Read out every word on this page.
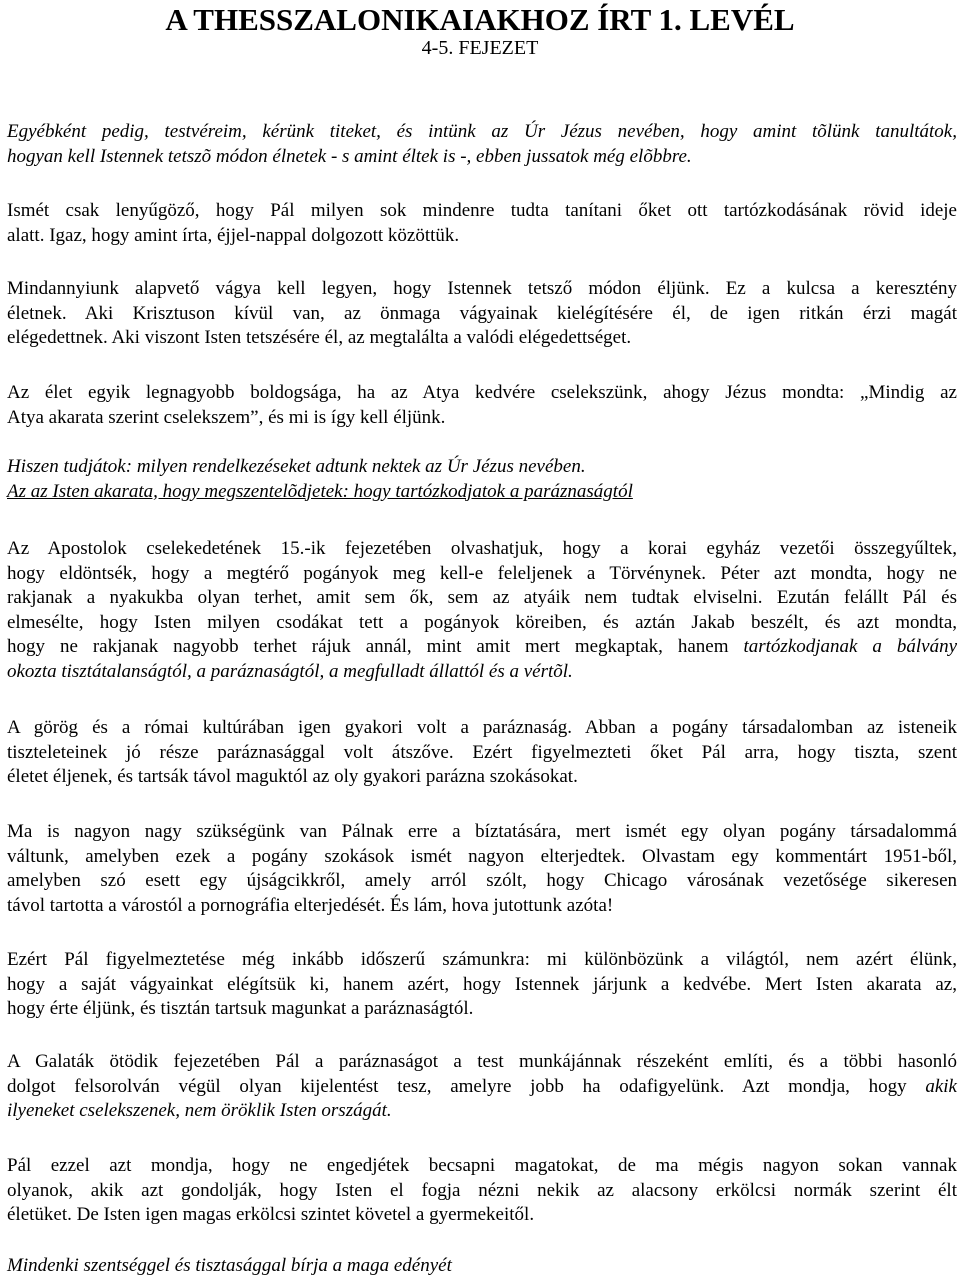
A THESSZALONIKAIAKHOZ ÍRT 1. LEVÉL
4-5. FEJEZET
Egyébként pedig, testvéreim, kérünk titeket, és intünk az Úr Jézus nevében, hogy amint tõlünk tanultátok,
hogyan kell Istennek tetszõ módon élnetek - s amint éltek is -, ebben jussatok még elõbbre.
Ismét csak lenyűgöző, hogy Pál milyen sok mindenre tudta tanítani őket ott tartózkodásának rövid ideje
alatt. Igaz, hogy amint írta, éjjel-nappal dolgozott közöttük.
Mindannyiunk alapvető vágya kell legyen, hogy Istennek tetsző módon éljünk. Ez a kulcsa a keresztény
életnek. Aki Krisztuson kívül van, az önmaga vágyainak kielégítésére él, de igen ritkán érzi magát
elégedettnek. Aki viszont Isten tetszésére él, az megtalálta a valódi elégedettséget.
Az élet egyik legnagyobb boldogsága, ha az Atya kedvére cselekszünk, ahogy Jézus mondta: „Mindig az
Atya akarata szerint cselekszem”, és mi is így kell éljünk.
Hiszen tudjátok: milyen rendelkezéseket adtunk nektek az Úr Jézus nevében.
Az az Isten akarata, hogy megszentelõdjetek: hogy tartózkodjatok a paráznaságtól
Az Apostolok cselekedetének 15.-ik fejezetében olvashatjuk, hogy a korai egyház vezetői összegyűltek,
hogy eldöntsék, hogy a megtérő pogányok meg kell-e feleljenek a Törvénynek. Péter azt mondta, hogy ne
rakjanak a nyakukba olyan terhet, amit sem ők, sem az atyáik nem tudtak elviselni. Ezután felállt Pál és
elmesélte, hogy Isten milyen csodákat tett a pogányok köreiben, és aztán Jakab beszélt, és azt mondta,
hogy ne rakjanak nagyobb terhet rájuk annál, mint amit mert megkaptak, hanem tartózkodjanak a bálvány
okozta tisztátalanságtól, a paráznaságtól, a megfulladt állattól és a vértõl.
A görög és a római kultúrában igen gyakori volt a paráznaság. Abban a pogány társadalomban az isteneik
tiszteleteinek jó része paráznasággal volt átszőve. Ezért figyelmezteti őket Pál arra, hogy tiszta, szent
életet éljenek, és tartsák távol maguktól az oly gyakori parázna szokásokat.
Ma is nagyon nagy szükségünk van Pálnak erre a bíztatására, mert ismét egy olyan pogány társadalommá
váltunk, amelyben ezek a pogány szokások ismét nagyon elterjedtek. Olvastam egy kommentárt 1951-ből,
amelyben szó esett egy újságcikkről, amely arról szólt, hogy Chicago városának vezetősége sikeresen
távol tartotta a várostól a pornográfia elterjedését. És lám, hova jutottunk azóta!
Ezért Pál figyelmeztetése még inkább időszerű számunkra: mi különbözünk a világtól, nem azért élünk,
hogy a saját vágyainkat elégítsük ki, hanem azért, hogy Istennek járjunk a kedvébe. Mert Isten akarata az,
hogy érte éljünk, és tisztán tartsuk magunkat a paráznaságtól.
A Galaták ötödik fejezetében Pál a paráznaságot a test munkájánnak részeként említi, és a többi hasonló
dolgot felsorolván végül olyan kijelentést tesz, amelyre jobb ha odafigyelünk. Azt mondja, hogy akik
ilyeneket cselekszenek, nem öröklik Isten országát.
Pál ezzel azt mondja, hogy ne engedjétek becsapni magatokat, de ma mégis nagyon sokan vannak
olyanok, akik azt gondolják, hogy Isten el fogja nézni nekik az alacsony erkölcsi normák szerint élt
életüket. De Isten igen magas erkölcsi szintet követel a gyermekeitől.
Mindenki szentséggel és tisztasággal bírja a maga edényét
